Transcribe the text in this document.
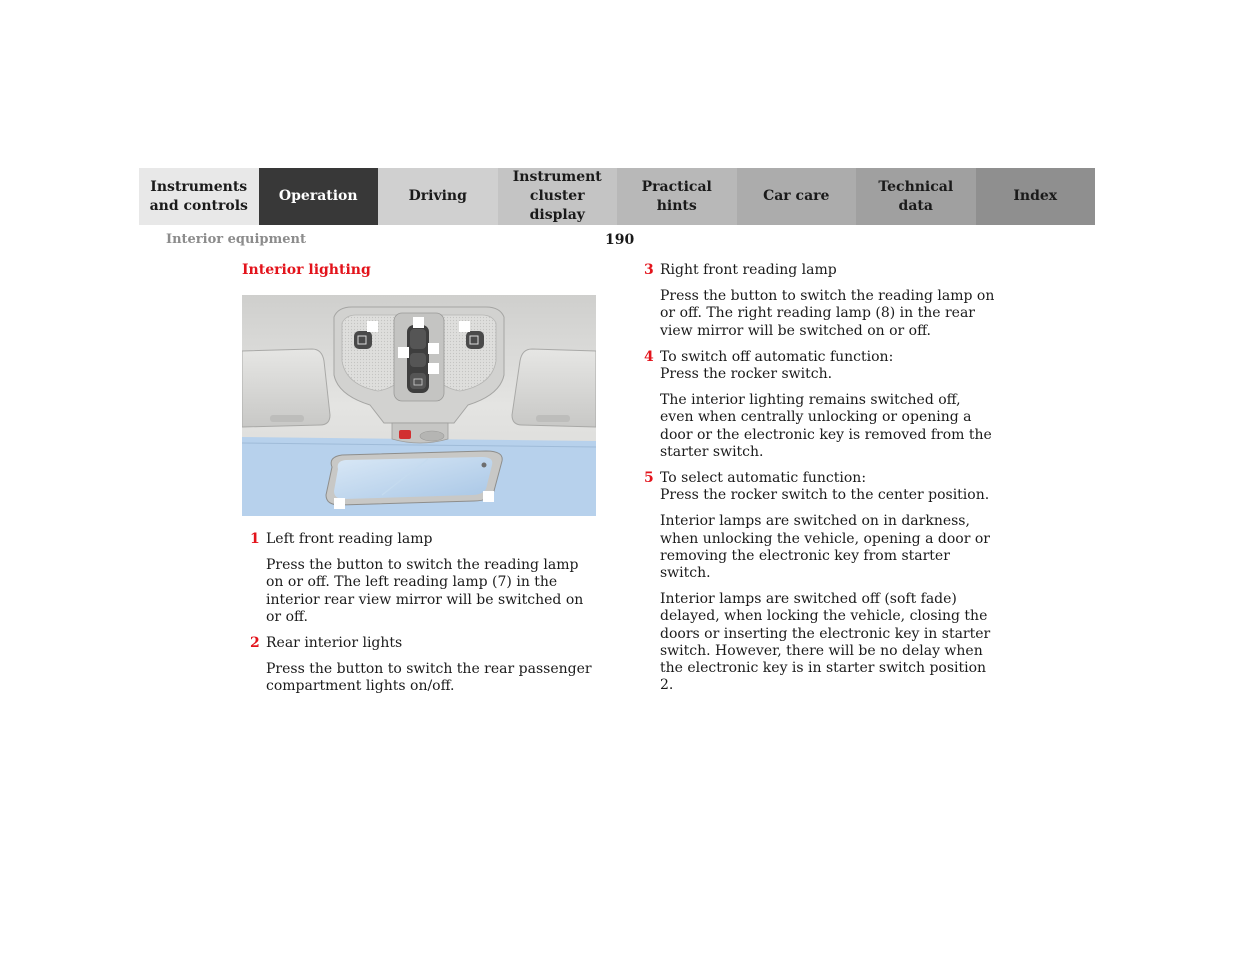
Instruments
and controls
Operation	Driving
Instrument
cluster display
Practical hints
Car care
Technical
data
Index
Interior equipment	190
Interior lighting
1 Left front reading lamp
Press the button to switch the reading lamp on or off. The left reading lamp (7) in the interior rear view mirror will be switched on or off.
2 Rear interior lights
Press the button to switch the rear passenger compartment lights on/off.
3 Right front reading lamp
Press the button to switch the reading lamp on or off. The right reading lamp (8) in the rear view mirror will be switched on or off.
4 To switch off automatic function:
Press the rocker switch.
The interior lighting remains switched off, even when centrally unlocking or opening a door or the electronic key is removed from the starter switch.
5 To select automatic function:
Press the rocker switch to the center position.
Interior lamps are switched on in darkness, when unlocking the vehicle, opening a door or removing the electronic key from starter switch.
Interior lamps are switched off (soft fade) delayed, when locking the vehicle, closing the doors or inserting the electronic key in starter switch. However, there will be no delay when the electronic key is in starter switch position 2.
